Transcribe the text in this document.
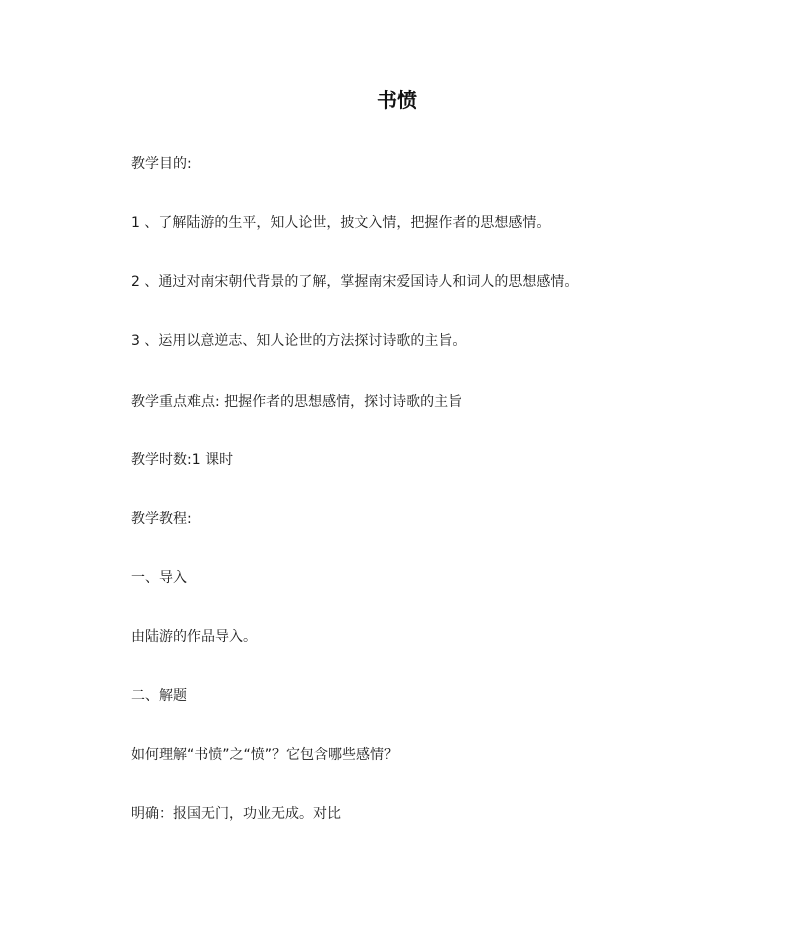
书愤
教学目的:
1 、了解陆游的生平，知人论世，披文入情，把握作者的思想感情。
2 、通过对南宋朝代背景的了解，掌握南宋爱国诗人和词人的思想感情。
3 、运用以意逆志、知人论世的方法探讨诗歌的主旨。
教学重点难点: 把握作者的思想感情，探讨诗歌的主旨
教学时数:1 课时
教学教程:
一、导入
由陆游的作品导入。
二、解题
如何理解“书愤”之“愤”？它包含哪些感情？
明确：报国无门，功业无成。对比
